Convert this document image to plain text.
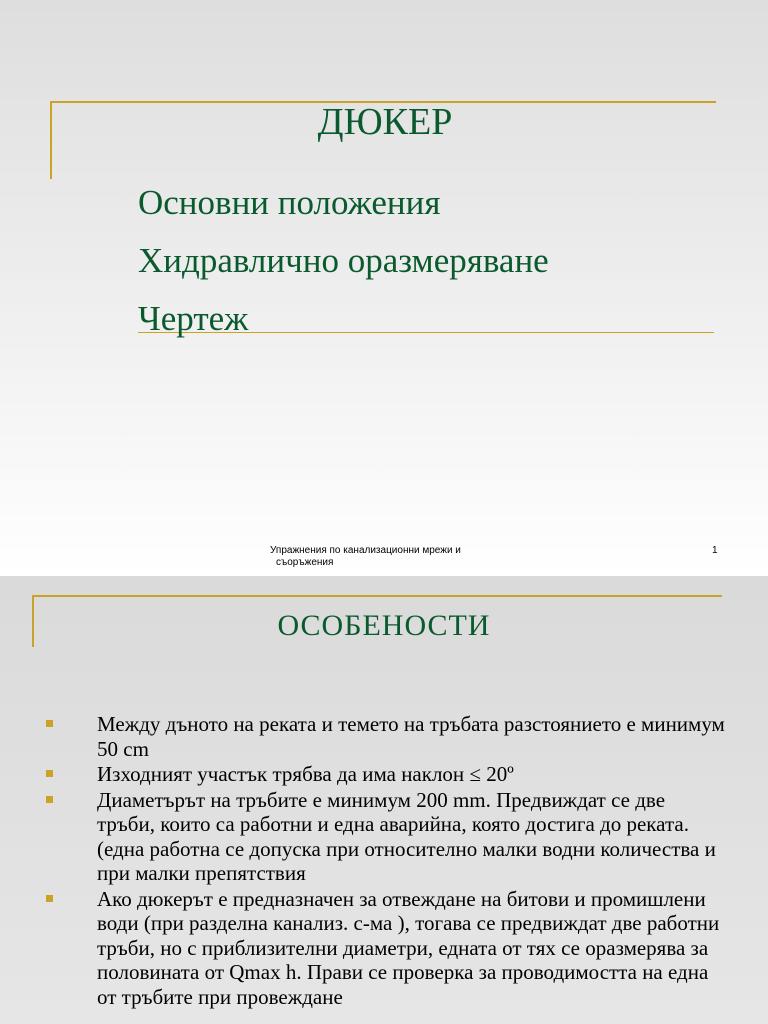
ДЮКЕР
Основни положения
Хидравлично оразмеряване
Чертеж
Упражнения по канализационни мрежи и
съоръжения
1
ОСОБЕНОСТИ
Между дъното на реката и темето на тръбата разстоянието е минимум 50 cm
Изходният участък трябва да има наклон ≤ 20º
Диаметърът на тръбите е минимум 200 mm. Предвиждат се две тръби, които са работни и една аварийна, която достига до реката. (една работна се допуска при относително малки водни количества и при малки препятствия
Ако дюкерът е предназначен за отвеждане на битови и промишлени води (при разделна канализ. с-ма ), тогава се предвиждат две работни тръби, но с приблизителни диаметри, едната от тях се оразмерява за половината от Qmax h. Прави се проверка за проводимостта на една от тръбите при провеждане
